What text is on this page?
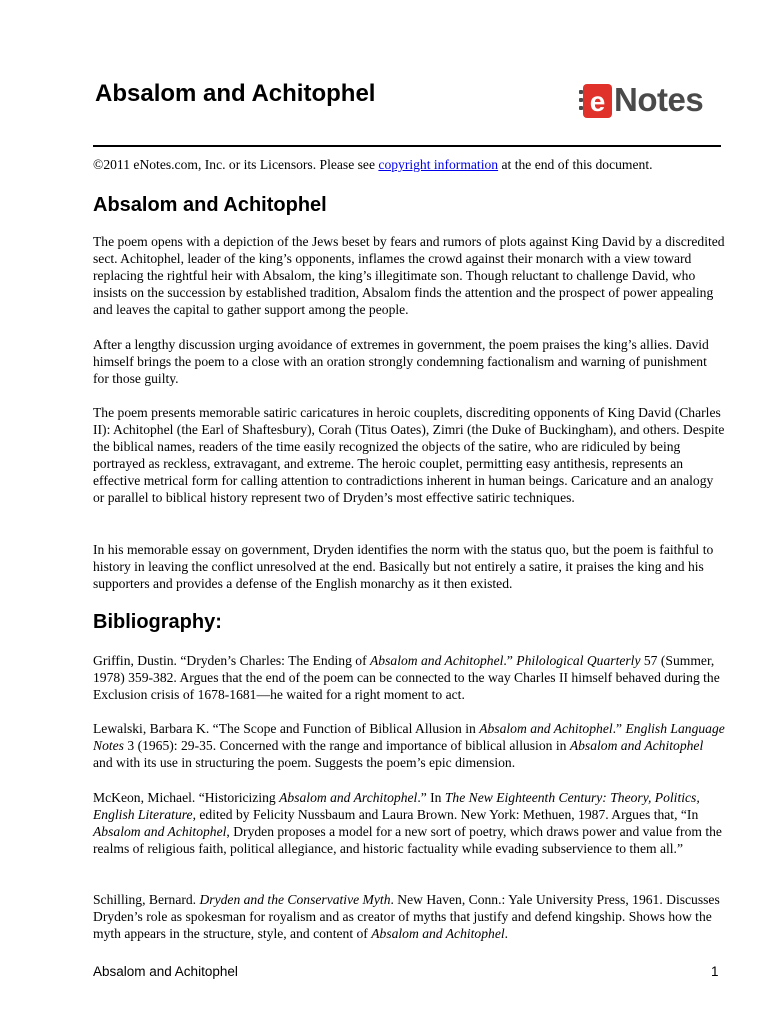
Absalom and Achitophel	e Notes

©2011 eNotes.com, Inc. or its Licensors. Please see copyright information at the end of this document.

Absalom and Achitophel

The poem opens with a depiction of the Jews beset by fears and rumors of plots against King David by a discredited sect. Achitophel, leader of the king’s opponents, inflames the crowd against their monarch with a view toward replacing the rightful heir with Absalom, the king’s illegitimate son. Though reluctant to challenge David, who insists on the succession by established tradition, Absalom finds the attention and the prospect of power appealing and leaves the capital to gather support among the people.

After a lengthy discussion urging avoidance of extremes in government, the poem praises the king’s allies. David himself brings the poem to a close with an oration strongly condemning factionalism and warning of punishment for those guilty.

The poem presents memorable satiric caricatures in heroic couplets, discrediting opponents of King David (Charles II): Achitophel (the Earl of Shaftesbury), Corah (Titus Oates), Zimri (the Duke of Buckingham), and others. Despite the biblical names, readers of the time easily recognized the objects of the satire, who are ridiculed by being portrayed as reckless, extravagant, and extreme. The heroic couplet, permitting easy antithesis, represents an effective metrical form for calling attention to contradictions inherent in human beings. Caricature and an analogy or parallel to biblical history represent two of Dryden’s most effective satiric techniques.

In his memorable essay on government, Dryden identifies the norm with the status quo, but the poem is faithful to history in leaving the conflict unresolved at the end. Basically but not entirely a satire, it praises the king and his supporters and provides a defense of the English monarchy as it then existed.

Bibliography:

Griffin, Dustin. “Dryden’s Charles: The Ending of Absalom and Achitophel.” Philological Quarterly 57 (Summer, 1978) 359-382. Argues that the end of the poem can be connected to the way Charles II himself behaved during the Exclusion crisis of 1678-1681—he waited for a right moment to act.

Lewalski, Barbara K. “The Scope and Function of Biblical Allusion in Absalom and Achitophel.” English Language Notes 3 (1965): 29-35. Concerned with the range and importance of biblical allusion in Absalom and Achitophel and with its use in structuring the poem. Suggests the poem’s epic dimension.

McKeon, Michael. “Historicizing Absalom and Architophel.” In The New Eighteenth Century: Theory, Politics, English Literature, edited by Felicity Nussbaum and Laura Brown. New York: Methuen, 1987. Argues that, “In Absalom and Achitophel, Dryden proposes a model for a new sort of poetry, which draws power and value from the realms of religious faith, political allegiance, and historic factuality while evading subservience to them all.”

Schilling, Bernard. Dryden and the Conservative Myth. New Haven, Conn.: Yale University Press, 1961. Discusses Dryden’s role as spokesman for royalism and as creator of myths that justify and defend kingship. Shows how the myth appears in the structure, style, and content of Absalom and Achitophel.

Absalom and Achitophel	1
